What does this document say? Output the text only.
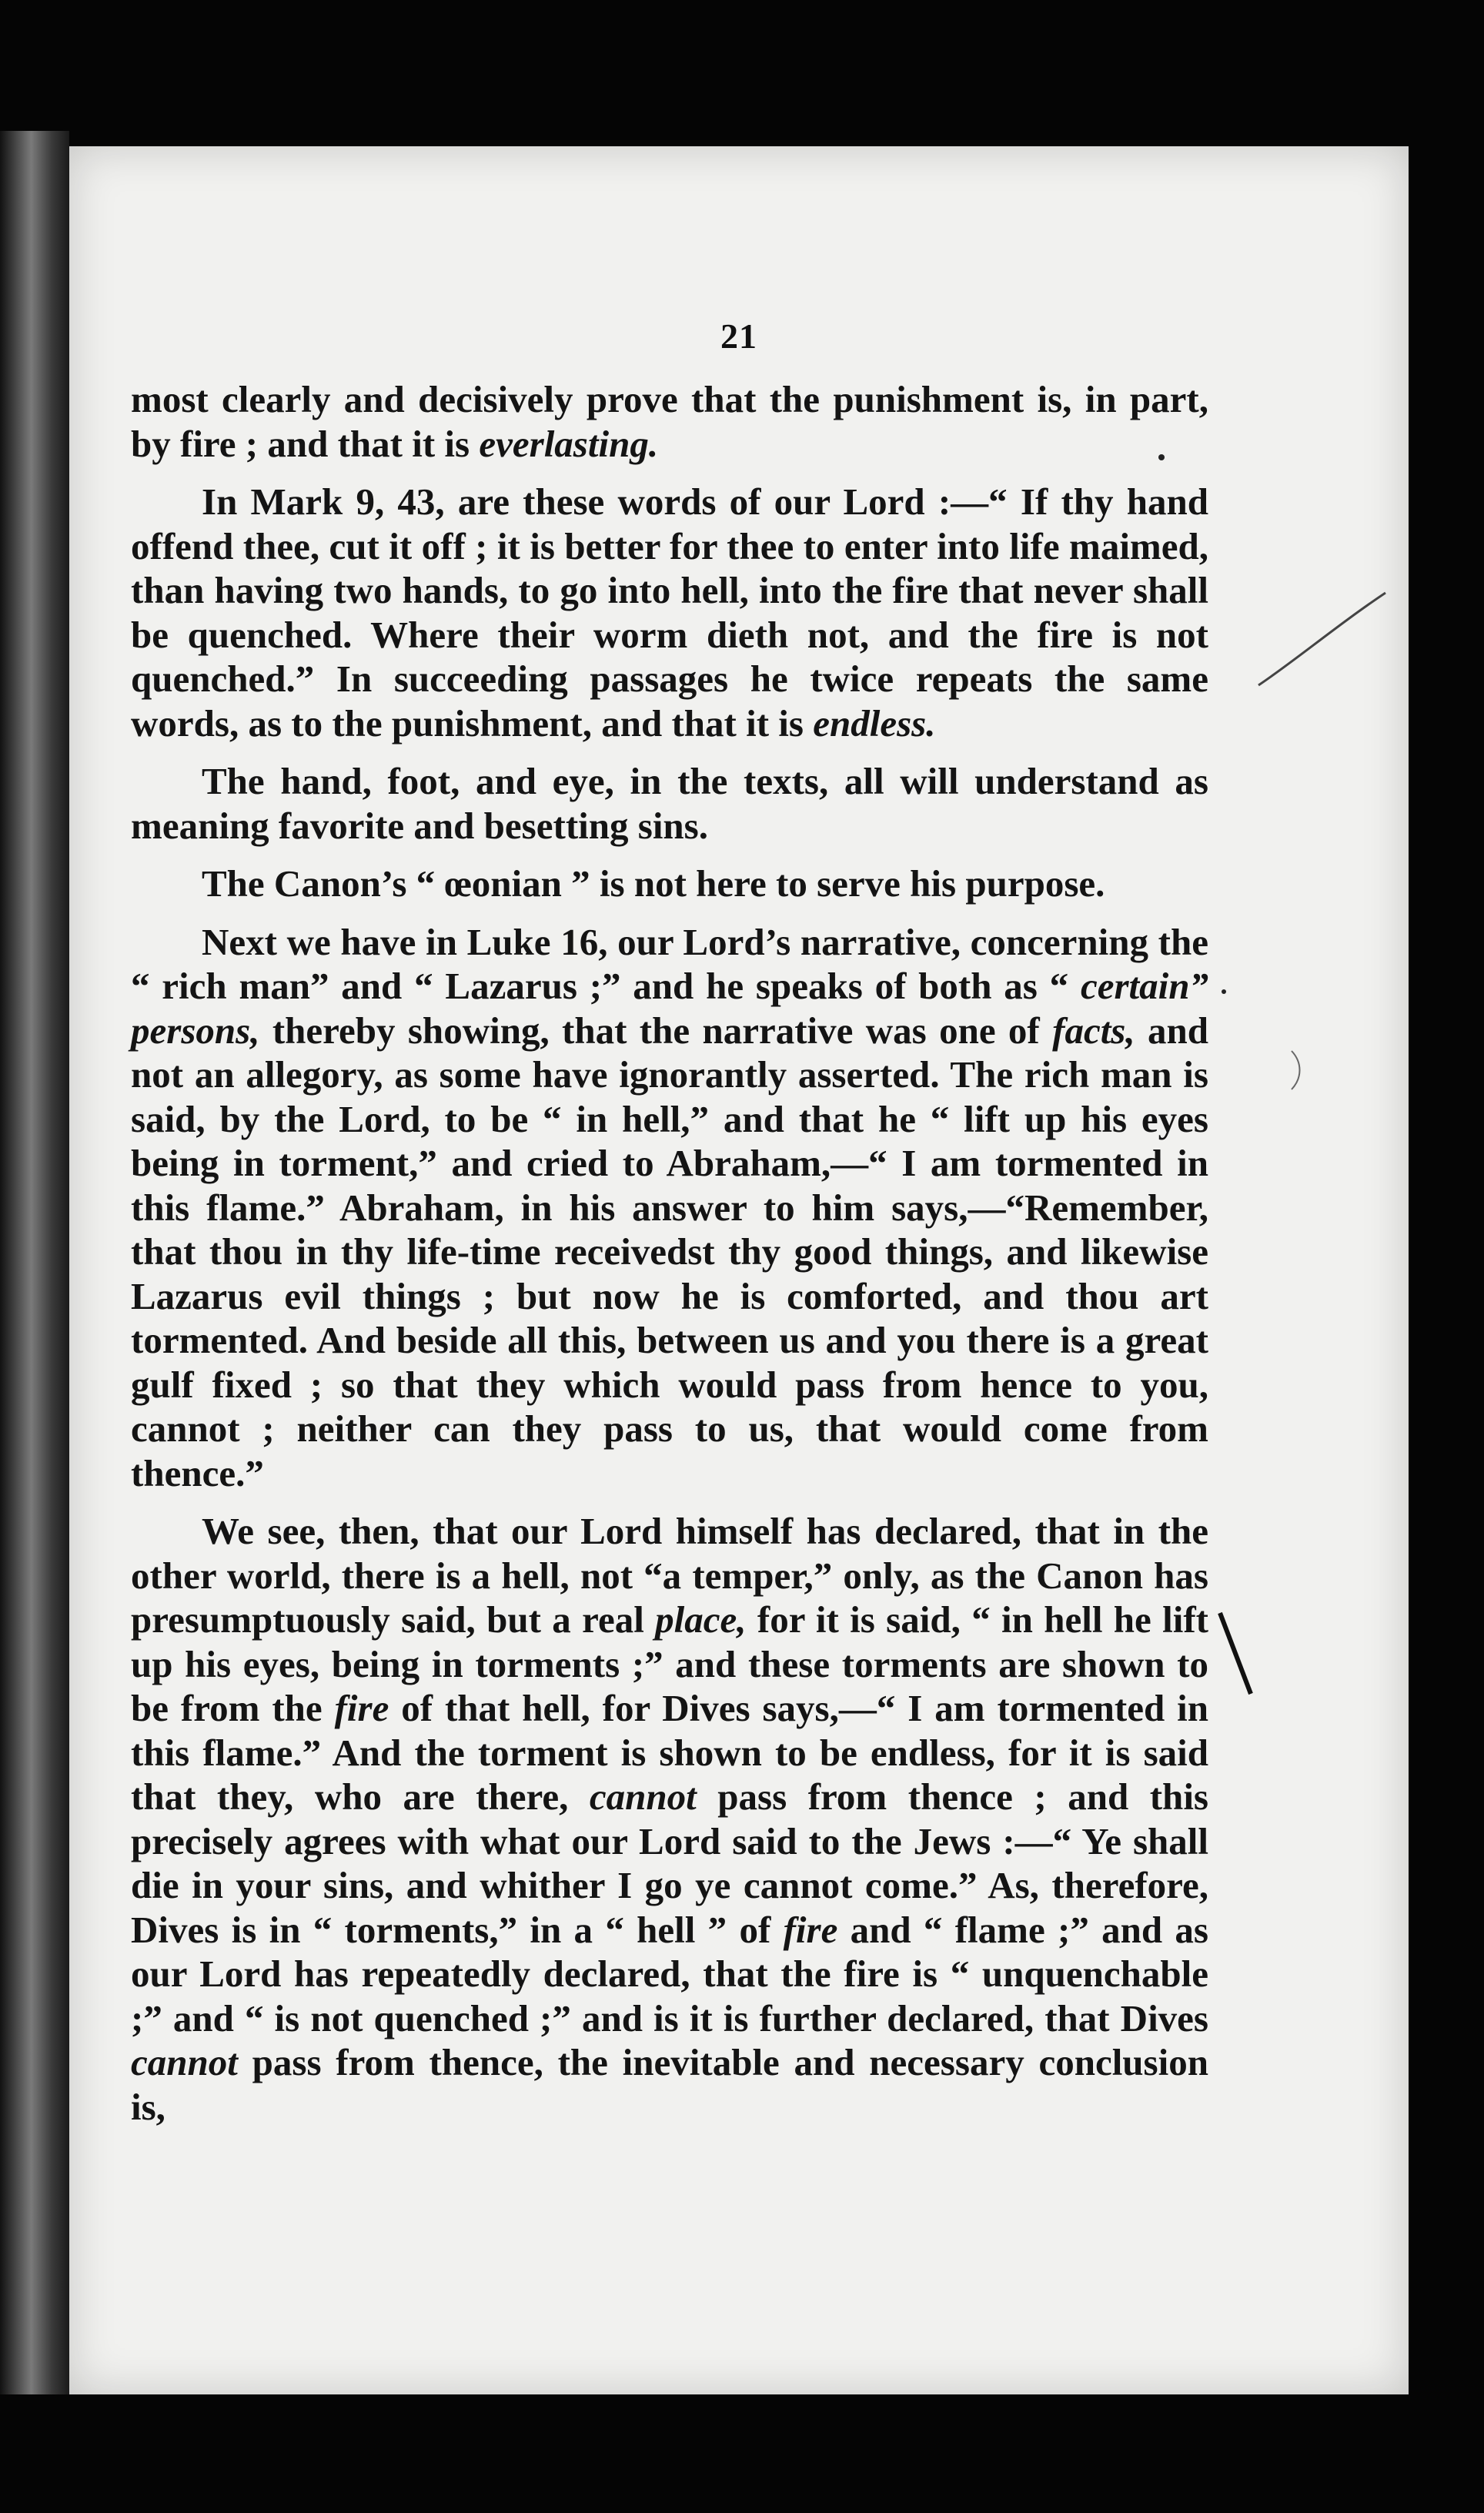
21

most clearly and decisively prove that the punishment is, in part, by fire ; and that it is everlasting.

In Mark 9, 43, are these words of our Lord :—“ If thy hand offend thee, cut it off ; it is better for thee to enter into life maimed, than having two hands, to go into hell, into the fire that never shall be quenched. Where their worm dieth not, and the fire is not quenched.” In succeeding passages he twice repeats the same words, as to the punishment, and that it is endless.

The hand, foot, and eye, in the texts, all will understand as meaning favorite and besetting sins.

The Canon’s “ œonian ” is not here to serve his purpose.

Next we have in Luke 16, our Lord’s narrative, concerning the “ rich man” and “ Lazarus ;” and he speaks of both as “ certain” persons, thereby showing, that the narrative was one of facts, and not an allegory, as some have ignorantly asserted. The rich man is said, by the Lord, to be “ in hell,” and that he “ lift up his eyes being in torment,” and cried to Abraham,—“ I am tormented in this flame.” Abraham, in his answer to him says,—“Remember, that thou in thy life-time receivedst thy good things, and likewise Lazarus evil things ; but now he is comforted, and thou art tormented. And beside all this, between us and you there is a great gulf fixed ; so that they which would pass from hence to you, cannot ; neither can they pass to us, that would come from thence.”

We see, then, that our Lord himself has declared, that in the other world, there is a hell, not “a temper,” only, as the Canon has presumptuously said, but a real place, for it is said, “ in hell he lift up his eyes, being in torments ;” and these torments are shown to be from the fire of that hell, for Dives says,—“ I am tormented in this flame.” And the torment is shown to be endless, for it is said that they, who are there, cannot pass from thence ; and this precisely agrees with what our Lord said to the Jews :—“ Ye shall die in your sins, and whither I go ye cannot come.” As, therefore, Dives is in “ torments,” in a “ hell ” of fire and “ flame ;” and as our Lord has repeatedly declared, that the fire is “ unquenchable ;” and “ is not quenched ;” and is it is further declared, that Dives cannot pass from thence, the inevitable and necessary conclusion is,
